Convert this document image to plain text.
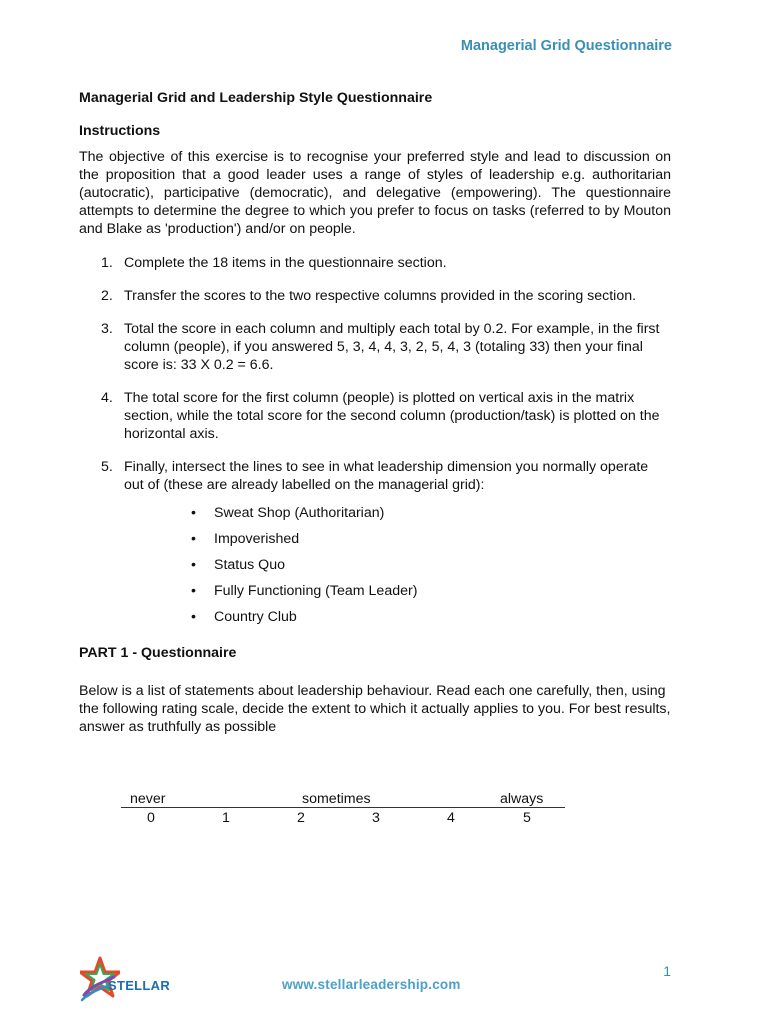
Managerial Grid Questionnaire
Managerial Grid and Leadership Style Questionnaire
Instructions

The objective of this exercise is to recognise your preferred style and lead to discussion on the proposition that a good leader uses a range of styles of leadership e.g. authoritarian (autocratic), participative (democratic), and delegative (empowering). The questionnaire attempts to determine the degree to which you prefer to focus on tasks (referred to by Mouton and Blake as 'production') and/or on people.

1. Complete the 18 items in the questionnaire section.
2. Transfer the scores to the two respective columns provided in the scoring section.
3. Total the score in each column and multiply each total by 0.2. For example, in the first column (people), if you answered 5, 3, 4, 4, 3, 2, 5, 4, 3 (totaling 33) then your final score is: 33 X 0.2 = 6.6.
4. The total score for the first column (people) is plotted on vertical axis in the matrix section, while the total score for the second column (production/task) is plotted on the horizontal axis.
5. Finally, intersect the lines to see in what leadership dimension you normally operate out of (these are already labelled on the managerial grid):
• Sweat Shop (Authoritarian)
• Impoverished
• Status Quo
• Fully Functioning (Team Leader)
• Country Club
PART 1 - Questionnaire

Below is a list of statements about leadership behaviour. Read each one carefully, then, using the following rating scale, decide the extent to which it actually applies to you. For best results, answer as truthfully as possible

never	sometimes	always
0	1	2	3	4	5
STELLAR	www.stellarleadership.com
1
